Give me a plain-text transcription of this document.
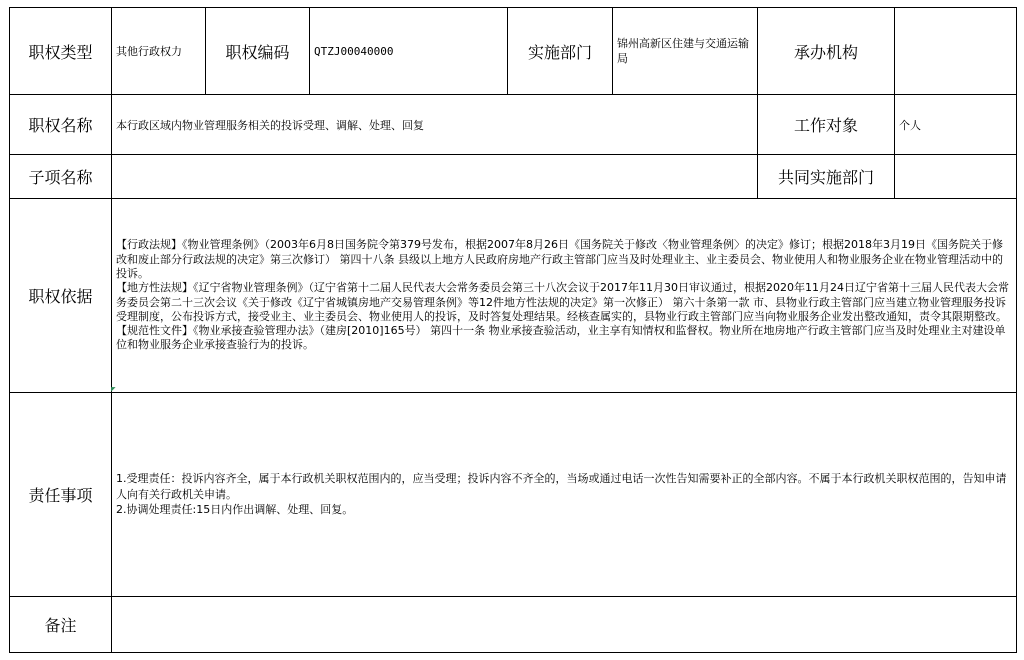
职权类型	其他行政权力	职权编码	QTZJ00040000	实施部门	锦州高新区住建与交通运输局	承办机构	
职权名称	本行政区域内物业管理服务相关的投诉受理、调解、处理、回复					工作对象	个人
子项名称						共同实施部门	
职权依据	【行政法规】《物业管理条例》（2003年6月8日国务院令第379号发布，根据2007年8月26日《国务院关于修改〈物业管理条例〉的决定》修订；根据2018年3月19日《国务院关于修改和废止部分行政法规的决定》第三次修订） 第四十八条 县级以上地方人民政府房地产行政主管部门应当及时处理业主、业主委员会、物业使用人和物业服务企业在物业管理活动中的投诉。

【地方性法规】《辽宁省物业管理条例》（辽宁省第十二届人民代表大会常务委员会第三十八次会议于2017年11月30日审议通过，根据2020年11月24日辽宁省第十三届人民代表大会常务委员会第二十三次会议《关于修改《辽宁省城镇房地产交易管理条例》等12件地方性法规的决定》第一次修正） 第六十条第一款 市、县物业行政主管部门应当建立物业管理服务投诉受理制度，公布投诉方式，接受业主、业主委员会、物业使用人的投诉，及时答复处理结果。经核查属实的，县物业行政主管部门应当向物业服务企业发出整改通知，责令其限期整改。

【规范性文件】《物业承接查验管理办法》（建房[2010]165号） 第四十一条 物业承接查验活动，业主享有知情权和监督权。物业所在地房地产行政主管部门应当及时处理业主对建设单位和物业服务企业承接查验行为的投诉。						

责任事项	1.受理责任：投诉内容齐全，属于本行政机关职权范围内的，应当受理；投诉内容不齐全的，当场或通过电话一次性告知需要补正的全部内容。不属于本行政机关职权范围的，告知申请人向有关行政机关申请。

2.协调处理责任:15日内作出调解、处理、回复。						

备注							
◤
